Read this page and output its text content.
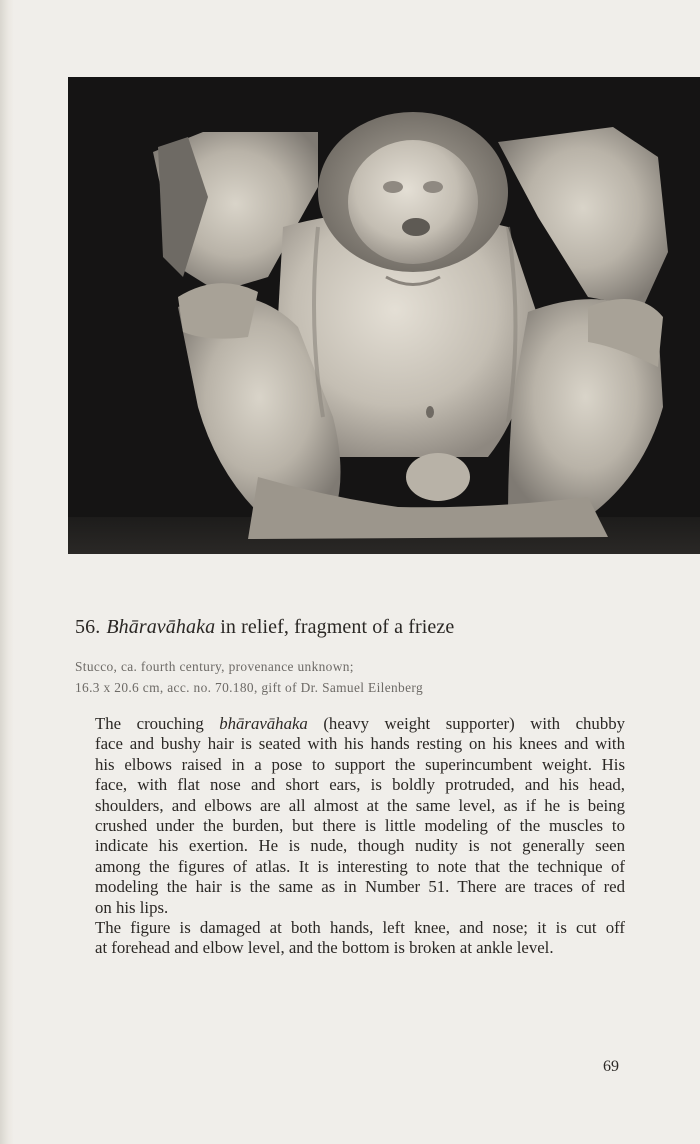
56. Bhāravāhaka in relief, fragment of a frieze
Stucco, ca. fourth century, provenance unknown;
16.3 x 20.6 cm, acc. no. 70.180, gift of Dr. Samuel Eilenberg

The crouching bhāravāhaka (heavy weight supporter) with chubby
face and bushy hair is seated with his hands resting on his knees and with
his elbows raised in a pose to support the superincumbent weight. His
face, with flat nose and short ears, is boldly protruded, and his head,
shoulders, and elbows are all almost at the same level, as if he is being
crushed under the burden, but there is little modeling of the muscles to
indicate his exertion. He is nude, though nudity is not generally seen
among the figures of atlas. It is interesting to note that the technique of
modeling the hair is the same as in Number 51. There are traces of red
on his lips.

The figure is damaged at both hands, left knee, and nose; it is cut off
at forehead and elbow level, and the bottom is broken at ankle level.

69
